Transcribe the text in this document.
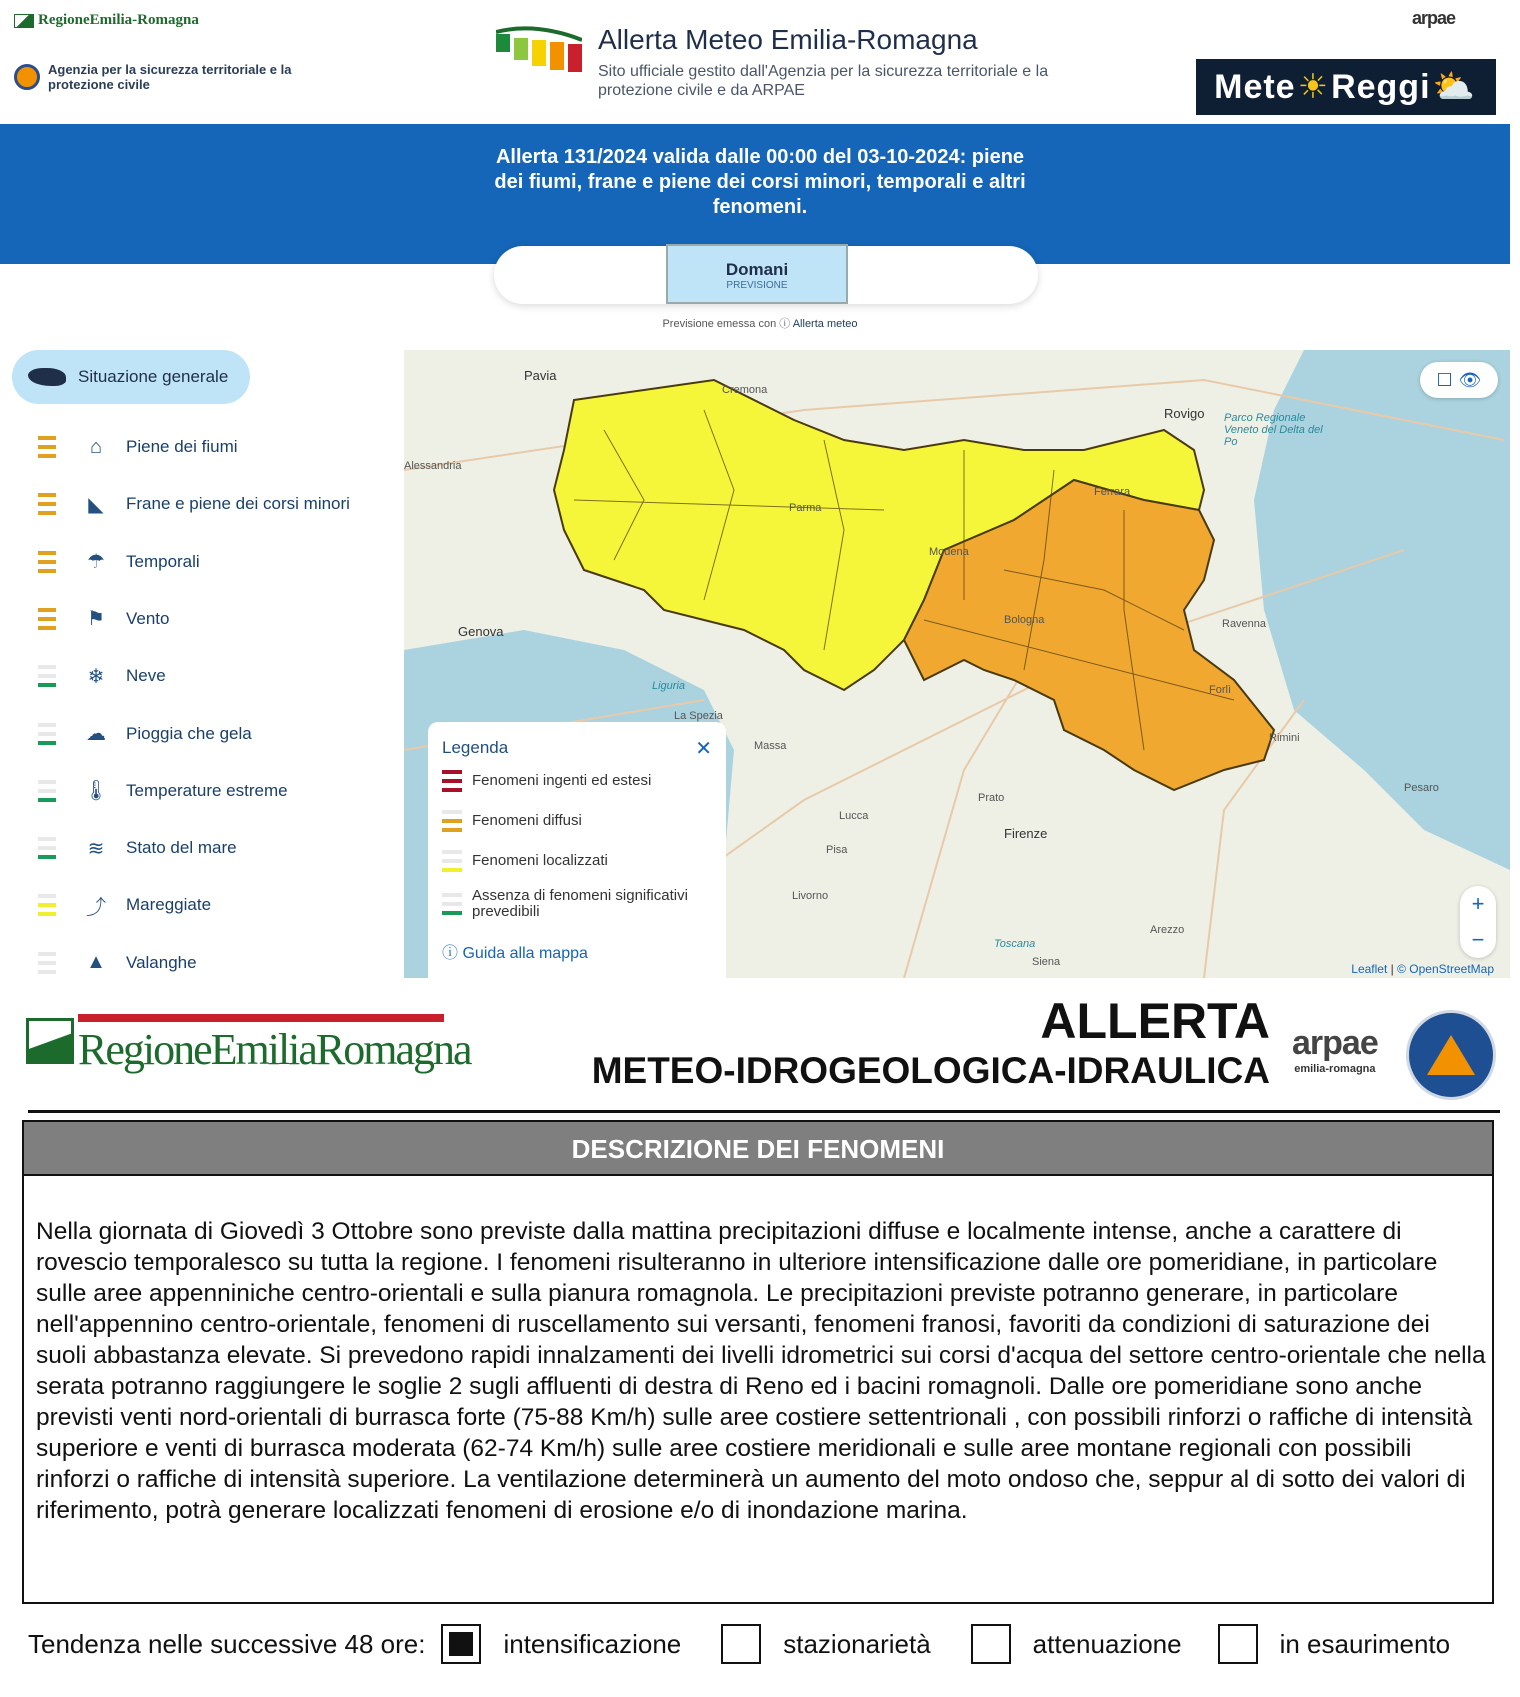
RegioneEmilia-Romagna
Agenzia per la sicurezza territoriale e la protezione civile
Allerta Meteo Emilia-Romagna
Sito ufficiale gestito dall'Agenzia per la sicurezza territoriale e la protezione civile e da ARPAE
arpae
Mete ☀ Reggi ⛅
Allerta 131/2024 valida dalle 00:00 del 03-10-2024: piene dei fiumi, frane e piene dei corsi minori, temporali e altri fenomeni.
Domani
PREVISIONE
Previsione emessa con ⓘ Allerta meteo
Situazione generale
⌂	Piene dei fiumi
◣	Frane e piene dei corsi minori
☂ Temporali
⚑ Vento
❄	Neve
☁ Pioggia che gela
🌡 Temperature estreme
≋	Stato del mare
⤴ Mareggiate
▲ Valanghe
Pavia
Cremona
Rovigo Parco Regionale Veneto del Delta del Po
Alessandria
Ferrara
Parma
Modena
Genova	Ravenna
Bologna
Forlì
Liguria
La Spezia
Massa
Rimini
Pesaro
Prato
Lucca
Firenze
Pisa
Livorno
Arezzo
Toscana
Siena
☐ 👁
+
−
Leaflet | © OpenStreetMap
Legenda	✕
Fenomeni ingenti ed estesi
Fenomeni diffusi
Fenomeni localizzati
Assenza di fenomeni significativi prevedibili
ⓘ Guida alla mappa
RegioneEmiliaRomagna
ALLERTA
METEO-IDROGEOLOGICA-IDRAULICA
arpae
emilia-romagna
DESCRIZIONE DEI FENOMENI
Nella giornata di Giovedì 3 Ottobre sono previste dalla mattina precipitazioni diffuse e localmente intense, anche a carattere di rovescio temporalesco su tutta la regione. I fenomeni risulteranno in ulteriore intensificazione dalle ore pomeridiane, in particolare sulle aree appenniniche centro-orientali e sulla pianura romagnola. Le precipitazioni previste potranno generare, in particolare nell'appennino centro-orientale, fenomeni di ruscellamento sui versanti, fenomeni franosi, favoriti da condizioni di saturazione dei suoli abbastanza elevate. Si prevedono rapidi innalzamenti dei livelli idrometrici sui corsi d'acqua del settore centro-orientale che nella serata potranno raggiungere le soglie 2 sugli affluenti di destra di Reno ed i bacini romagnoli. Dalle ore pomeridiane sono anche previsti venti nord-orientali di burrasca forte (75-88 Km/h) sulle aree costiere settentrionali , con possibili rinforzi o raffiche di intensità superiore e venti di burrasca moderata (62-74 Km/h) sulle aree costiere meridionali e sulle aree montane regionali con possibili rinforzi o raffiche di intensità superiore. La ventilazione determinerà un aumento del moto ondoso che, seppur al di sotto dei valori di riferimento, potrà generare localizzati fenomeni di erosione e/o di inondazione marina.
Tendenza nelle successive 48 ore:	intensificazione	stazionarietà	attenuazione	in esaurimento
